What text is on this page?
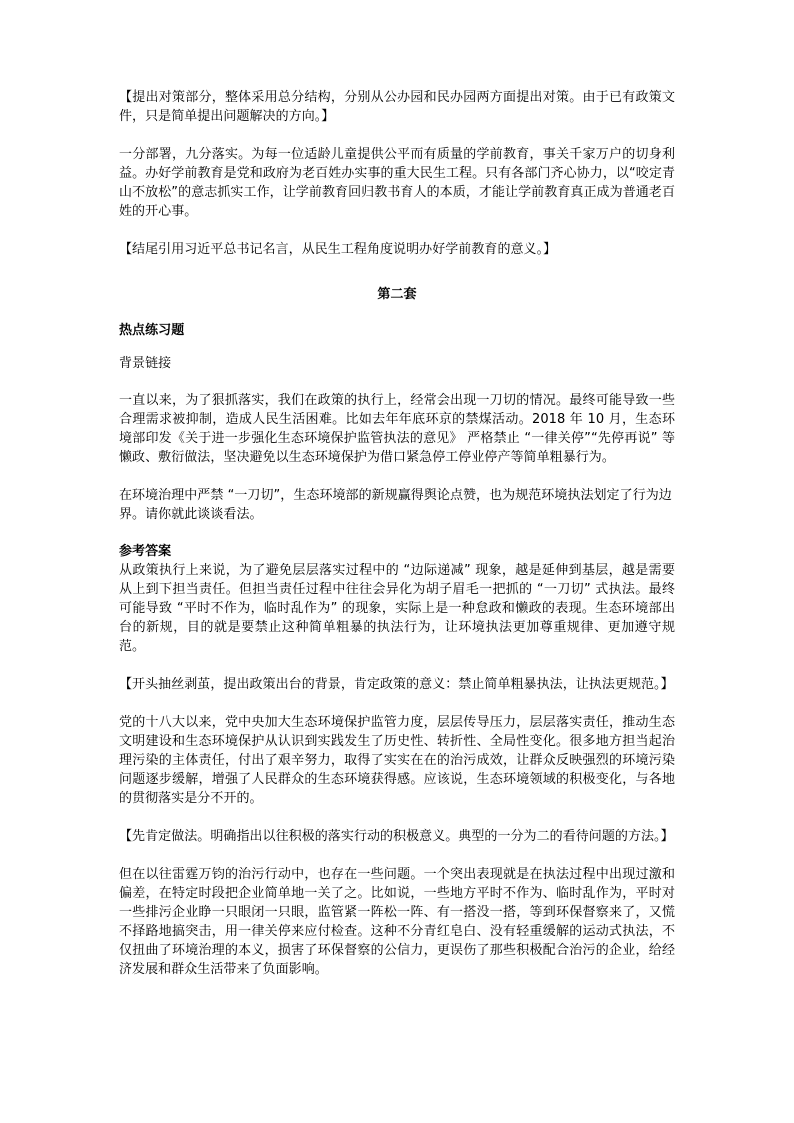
【提出对策部分，整体采用总分结构，分别从公办园和民办园两方面提出对策。由于已有政策文件，只是简单提出问题解决的方向。】

一分部署，九分落实。为每一位适龄儿童提供公平而有质量的学前教育，事关千家万户的切身利益。办好学前教育是党和政府为老百姓办实事的重大民生工程。只有各部门齐心协力，以“咬定青山不放松”的意志抓实工作，让学前教育回归教书育人的本质，才能让学前教育真正成为普通老百姓的开心事。

【结尾引用习近平总书记名言，从民生工程角度说明办好学前教育的意义。】

第二套

热点练习题

背景链接

一直以来，为了狠抓落实，我们在政策的执行上，经常会出现一刀切的情况。最终可能导致一些合理需求被抑制，造成人民生活困难。比如去年年底环京的禁煤活动。2018 年 10 月，生态环境部印发《关于进一步强化生态环境保护监管执法的意见》 严格禁止 “一律关停”“先停再说” 等懒政、敷衍做法，坚决避免以生态环境保护为借口紧急停工停业停产等简单粗暴行为。

在环境治理中严禁 “一刀切”，生态环境部的新规赢得舆论点赞，也为规范环境执法划定了行为边界。请你就此谈谈看法。

参考答案

从政策执行上来说，为了避免层层落实过程中的 “边际递减” 现象，越是延伸到基层，越是需要从上到下担当责任。但担当责任过程中往往会异化为胡子眉毛一把抓的 “一刀切” 式执法。最终可能导致 “平时不作为，临时乱作为” 的现象，实际上是一种怠政和懒政的表现。生态环境部出台的新规，目的就是要禁止这种简单粗暴的执法行为，让环境执法更加尊重规律、更加遵守规范。

【开头抽丝剥茧，提出政策出台的背景，肯定政策的意义：禁止简单粗暴执法，让执法更规范。】

党的十八大以来，党中央加大生态环境保护监管力度，层层传导压力，层层落实责任，推动生态文明建设和生态环境保护从认识到实践发生了历史性、转折性、全局性变化。很多地方担当起治理污染的主体责任，付出了艰辛努力，取得了实实在在的治污成效，让群众反映强烈的环境污染问题逐步缓解，增强了人民群众的生态环境获得感。应该说，生态环境领域的积极变化，与各地的贯彻落实是分不开的。

【先肯定做法。明确指出以往积极的落实行动的积极意义。典型的一分为二的看待问题的方法。】

但在以往雷霆万钧的治污行动中，也存在一些问题。一个突出表现就是在执法过程中出现过激和偏差，在特定时段把企业简单地一关了之。比如说，一些地方平时不作为、临时乱作为，平时对一些排污企业睁一只眼闭一只眼，监管紧一阵松一阵、有一搭没一搭，等到环保督察来了，又慌不择路地搞突击，用一律关停来应付检查。这种不分青红皂白、没有轻重缓解的运动式执法，不仅扭曲了环境治理的本义，损害了环保督察的公信力，更误伤了那些积极配合治污的企业，给经济发展和群众生活带来了负面影响。
